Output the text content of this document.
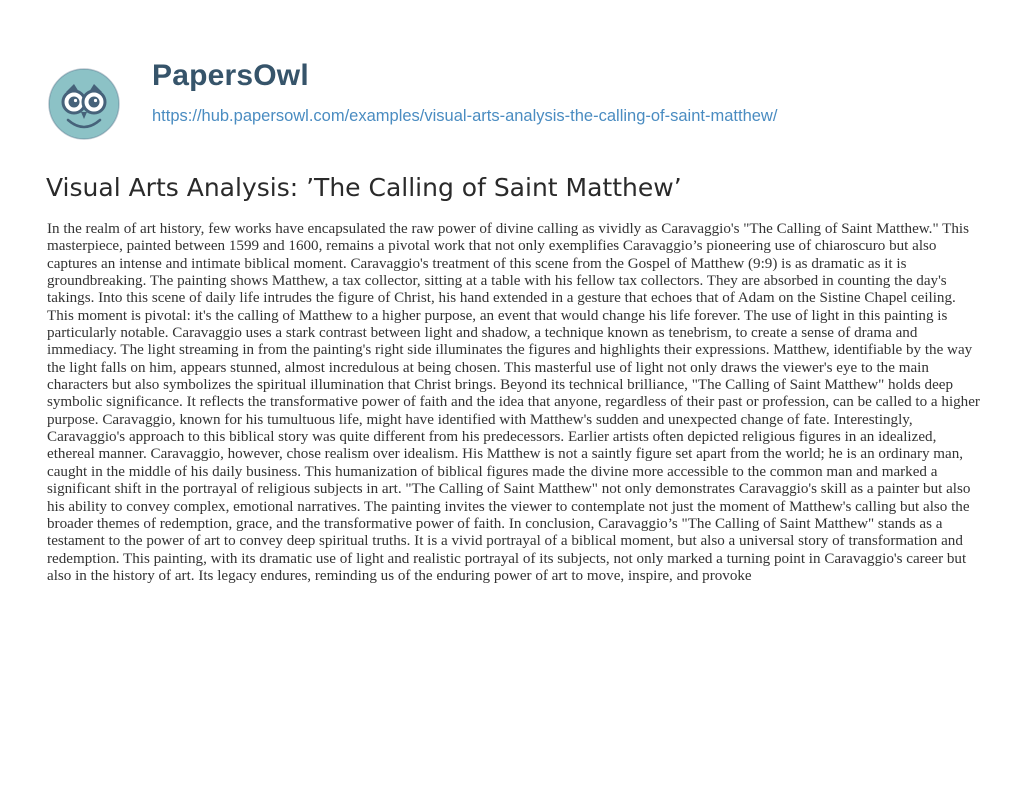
PapersOwl
https://hub.papersowl.com/examples/visual-arts-analysis-the-calling-of-saint-matthew/
Visual Arts Analysis: ’The Calling of Saint Matthew’

In the realm of art history, few works have encapsulated the raw power of divine calling as vividly as Caravaggio's "The Calling of Saint Matthew." This masterpiece, painted between 1599 and 1600, remains a pivotal work that not only exemplifies Caravaggio’s pioneering use of chiaroscuro but also captures an intense and intimate biblical moment. Caravaggio's treatment of this scene from the Gospel of Matthew (9:9) is as dramatic as it is groundbreaking. The painting shows Matthew, a tax collector, sitting at a table with his fellow tax collectors. They are absorbed in counting the day's takings. Into this scene of daily life intrudes the figure of Christ, his hand extended in a gesture that echoes that of Adam on the Sistine Chapel ceiling. This moment is pivotal: it's the calling of Matthew to a higher purpose, an event that would change his life forever. The use of light in this painting is particularly notable. Caravaggio uses a stark contrast between light and shadow, a technique known as tenebrism, to create a sense of drama and immediacy. The light streaming in from the painting's right side illuminates the figures and highlights their expressions. Matthew, identifiable by the way the light falls on him, appears stunned, almost incredulous at being chosen. This masterful use of light not only draws the viewer's eye to the main characters but also symbolizes the spiritual illumination that Christ brings. Beyond its technical brilliance, "The Calling of Saint Matthew" holds deep symbolic significance. It reflects the transformative power of faith and the idea that anyone, regardless of their past or profession, can be called to a higher purpose. Caravaggio, known for his tumultuous life, might have identified with Matthew's sudden and unexpected change of fate. Interestingly, Caravaggio's approach to this biblical story was quite different from his predecessors. Earlier artists often depicted religious figures in an idealized, ethereal manner. Caravaggio, however, chose realism over idealism. His Matthew is not a saintly figure set apart from the world; he is an ordinary man, caught in the middle of his daily business. This humanization of biblical figures made the divine more accessible to the common man and marked a significant shift in the portrayal of religious subjects in art. "The Calling of Saint Matthew" not only demonstrates Caravaggio's skill as a painter but also his ability to convey complex, emotional narratives. The painting invites the viewer to contemplate not just the moment of Matthew's calling but also the broader themes of redemption, grace, and the transformative power of faith. In conclusion, Caravaggio’s "The Calling of Saint Matthew" stands as a testament to the power of art to convey deep spiritual truths. It is a vivid portrayal of a biblical moment, but also a universal story of transformation and redemption. This painting, with its dramatic use of light and realistic portrayal of its subjects, not only marked a turning point in Caravaggio's career but also in the history of art. Its legacy endures, reminding us of the enduring power of art to move, inspire, and provoke
